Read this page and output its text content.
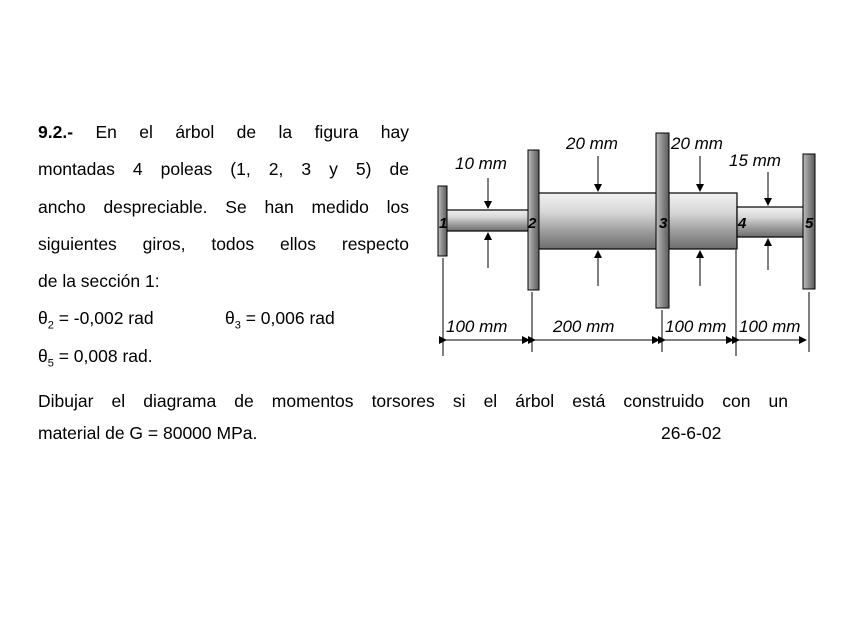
9.2.- En el árbol de la figura hay
montadas 4 poleas (1, 2, 3 y 5) de
ancho despreciable. Se han medido los
siguientes giros, todos ellos respecto
de la sección 1:
$\theta_2 = -0,002$ rad	$\theta_3 = 0,006$ rad
$\theta_5 = 0,008$ rad.
Dibujar el diagrama de momentos torsores si el árbol está construido con un
material de G = 80000 MPa.	26-6-02
1	2	3	4	5
10 mm
20 mm	20 mm
15 mm
100 mm	200 mm	100 mm 100 mm
